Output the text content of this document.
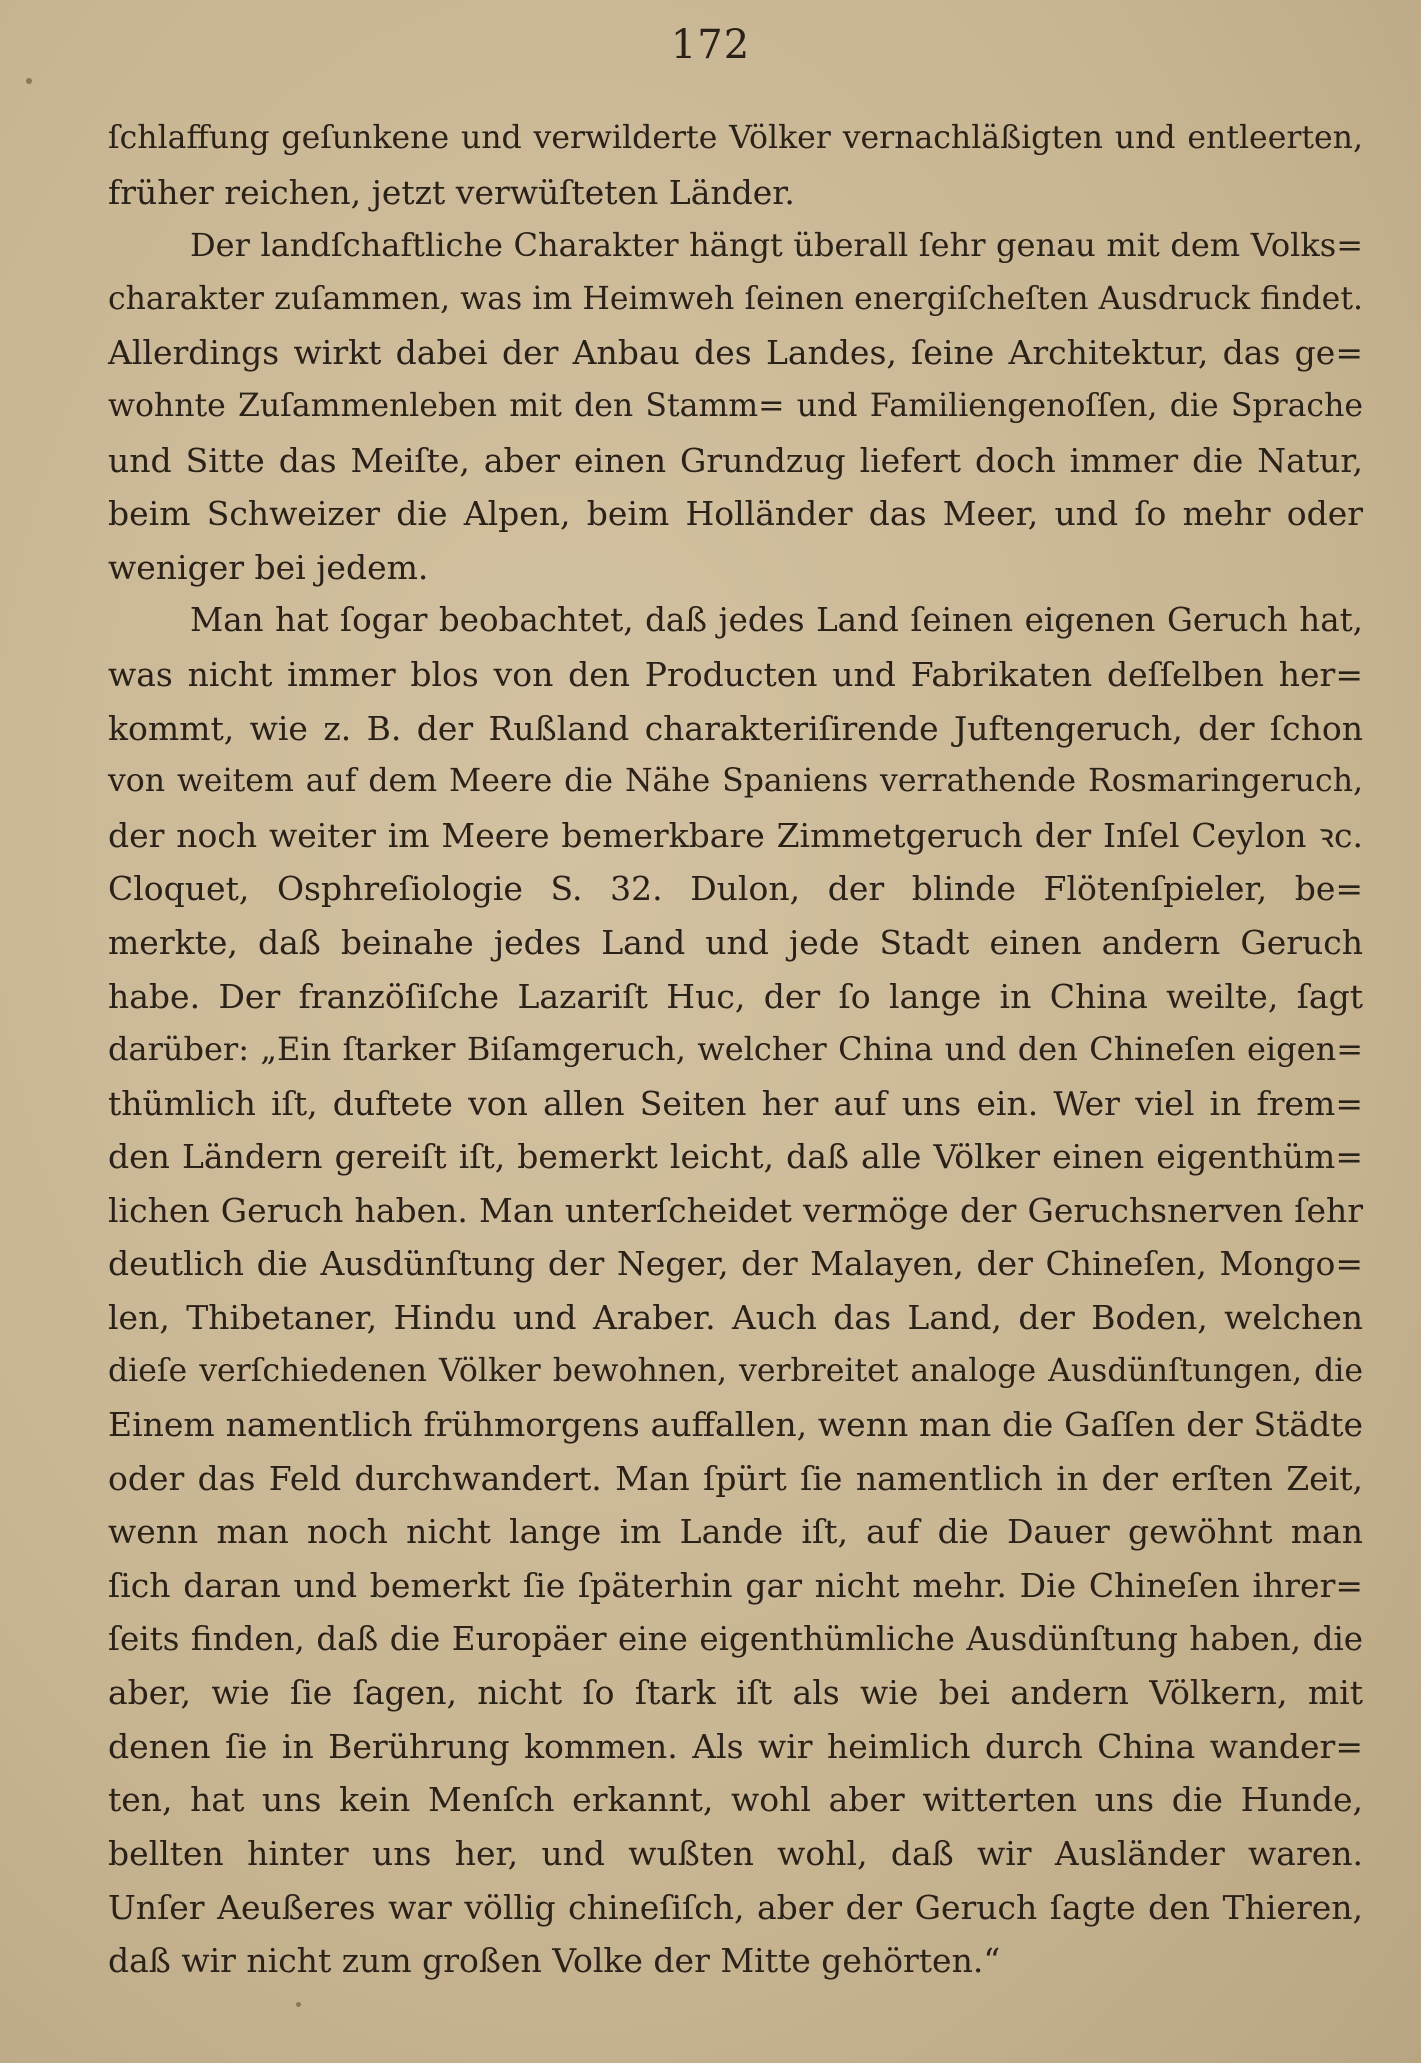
172
ſchlaffung geſunkene und verwilderte Völker vernachläßigten und entleerten,
früher reichen, jetzt verwüſteten Länder.
Der landſchaftliche Charakter hängt überall ſehr genau mit dem Volks=
charakter zuſammen, was im Heimweh ſeinen energiſcheſten Ausdruck findet.
Allerdings wirkt dabei der Anbau des Landes, ſeine Architektur, das ge=
wohnte Zuſammenleben mit den Stamm= und Familiengenoſſen, die Sprache
und Sitte das Meiſte, aber einen Grundzug liefert doch immer die Natur,
beim Schweizer die Alpen, beim Holländer das Meer, und ſo mehr oder
weniger bei jedem.
Man hat ſogar beobachtet, daß jedes Land ſeinen eigenen Geruch hat,
was nicht immer blos von den Producten und Fabrikaten deſſelben her=
kommt, wie z. B. der Rußland charakteriſirende Juftengeruch, der ſchon
von weitem auf dem Meere die Nähe Spaniens verrathende Rosmaringeruch,
der noch weiter im Meere bemerkbare Zimmetgeruch der Inſel Ceylon ꝛc.
Cloquet, Osphreſiologie S. 32. Dulon, der blinde Flötenſpieler, be=
merkte, daß beinahe jedes Land und jede Stadt einen andern Geruch
habe. Der franzöſiſche Lazariſt Huc, der ſo lange in China weilte, ſagt
darüber: „Ein ſtarker Biſamgeruch, welcher China und den Chineſen eigen=
thümlich iſt, duftete von allen Seiten her auf uns ein. Wer viel in frem=
den Ländern gereiſt iſt, bemerkt leicht, daß alle Völker einen eigenthüm=
lichen Geruch haben. Man unterſcheidet vermöge der Geruchsnerven ſehr
deutlich die Ausdünſtung der Neger, der Malayen, der Chineſen, Mongo=
len, Thibetaner, Hindu und Araber. Auch das Land, der Boden, welchen
dieſe verſchiedenen Völker bewohnen, verbreitet analoge Ausdünſtungen, die
Einem namentlich frühmorgens auffallen, wenn man die Gaſſen der Städte
oder das Feld durchwandert. Man ſpürt ſie namentlich in der erſten Zeit,
wenn man noch nicht lange im Lande iſt, auf die Dauer gewöhnt man
ſich daran und bemerkt ſie ſpäterhin gar nicht mehr. Die Chineſen ihrer=
ſeits finden, daß die Europäer eine eigenthümliche Ausdünſtung haben, die
aber, wie ſie ſagen, nicht ſo ſtark iſt als wie bei andern Völkern, mit
denen ſie in Berührung kommen. Als wir heimlich durch China wander=
ten, hat uns kein Menſch erkannt, wohl aber witterten uns die Hunde,
bellten hinter uns her, und wußten wohl, daß wir Ausländer waren.
Unſer Aeußeres war völlig chineſiſch, aber der Geruch ſagte den Thieren,
daß wir nicht zum großen Volke der Mitte gehörten.“
